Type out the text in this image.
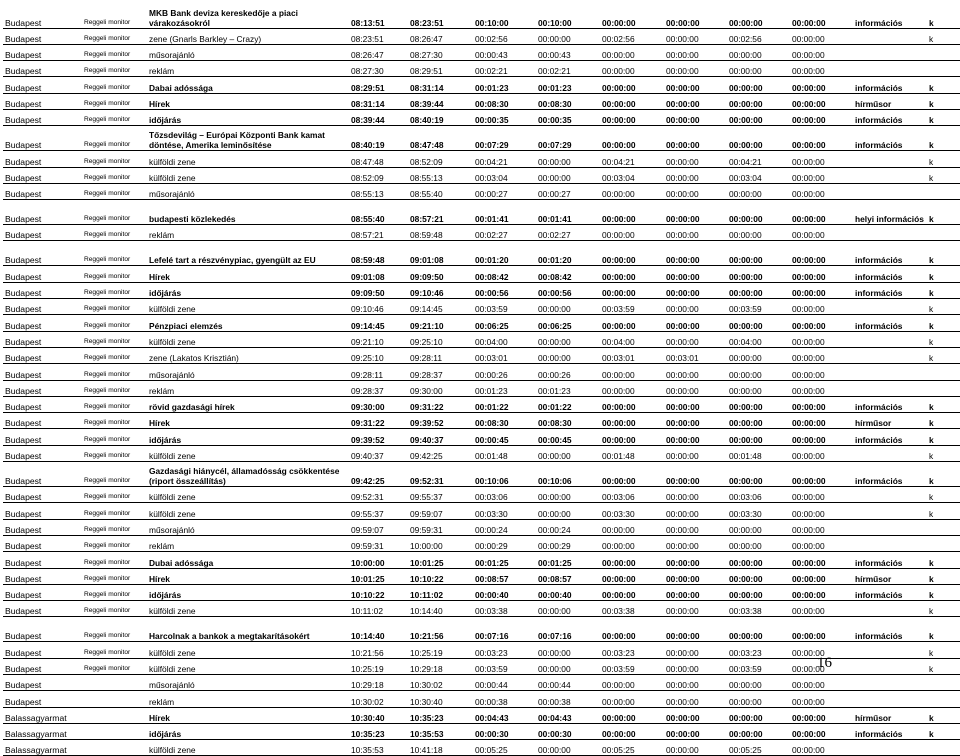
Budapest	Reggeli monitor	MKB Bank deviza kereskedője a piaci várakozásokról	08:13:51	08:23:51	00:10:00	00:10:00	00:00:00	00:00:00	00:00:00	00:00:00	információs	k
Budapest	Reggeli monitor	zene (Gnarls Barkley – Crazy)	08:23:51	08:26:47	00:02:56	00:00:00	00:02:56	00:00:00	00:02:56	00:00:00		k
Budapest	Reggeli monitor	műsorajánló	08:26:47	08:27:30	00:00:43	00:00:43	00:00:00	00:00:00	00:00:00	00:00:00		
Budapest	Reggeli monitor	reklám	08:27:30	08:29:51	00:02:21	00:02:21	00:00:00	00:00:00	00:00:00	00:00:00		
Budapest	Reggeli monitor	Dabai adóssága	08:29:51	08:31:14	00:01:23	00:01:23	00:00:00	00:00:00	00:00:00	00:00:00	információs	k
Budapest	Reggeli monitor	Hírek	08:31:14	08:39:44	00:08:30	00:08:30	00:00:00	00:00:00	00:00:00	00:00:00	hírműsor	k
Budapest	Reggeli monitor	időjárás	08:39:44	08:40:19	00:00:35	00:00:35	00:00:00	00:00:00	00:00:00	00:00:00	információs	k
Budapest	Reggeli monitor	Tőzsdevilág – Európai Központi Bank kamat döntése, Amerika leminősítése	08:40:19	08:47:48	00:07:29	00:07:29	00:00:00	00:00:00	00:00:00	00:00:00	információs	k
Budapest	Reggeli monitor	külföldi zene	08:47:48	08:52:09	00:04:21	00:00:00	00:04:21	00:00:00	00:04:21	00:00:00		k
Budapest	Reggeli monitor	külföldi zene	08:52:09	08:55:13	00:03:04	00:00:00	00:03:04	00:00:00	00:03:04	00:00:00		k
Budapest	Reggeli monitor	műsorajánló	08:55:13	08:55:40	00:00:27	00:00:27	00:00:00	00:00:00	00:00:00	00:00:00		
Budapest	Reggeli monitor	budapesti közlekedés	08:55:40	08:57:21	00:01:41	00:01:41	00:00:00	00:00:00	00:00:00	00:00:00	helyi információs	k
Budapest	Reggeli monitor	reklám	08:57:21	08:59:48	00:02:27	00:02:27	00:00:00	00:00:00	00:00:00	00:00:00		
Budapest	Reggeli monitor	Lefelé tart a részvénypiac, gyengült az EU	08:59:48	09:01:08	00:01:20	00:01:20	00:00:00	00:00:00	00:00:00	00:00:00	információs	k
Budapest	Reggeli monitor	Hírek	09:01:08	09:09:50	00:08:42	00:08:42	00:00:00	00:00:00	00:00:00	00:00:00	információs	k
Budapest	Reggeli monitor	időjárás	09:09:50	09:10:46	00:00:56	00:00:56	00:00:00	00:00:00	00:00:00	00:00:00	információs	k
Budapest	Reggeli monitor	külföldi zene	09:10:46	09:14:45	00:03:59	00:00:00	00:03:59	00:00:00	00:03:59	00:00:00		k
Budapest	Reggeli monitor	Pénzpiaci elemzés	09:14:45	09:21:10	00:06:25	00:06:25	00:00:00	00:00:00	00:00:00	00:00:00	információs	k
Budapest	Reggeli monitor	külföldi zene	09:21:10	09:25:10	00:04:00	00:00:00	00:04:00	00:00:00	00:04:00	00:00:00		k
Budapest	Reggeli monitor	zene (Lakatos Krisztián)	09:25:10	09:28:11	00:03:01	00:00:00	00:03:01	00:03:01	00:00:00	00:00:00		k
Budapest	Reggeli monitor	műsorajánló	09:28:11	09:28:37	00:00:26	00:00:26	00:00:00	00:00:00	00:00:00	00:00:00		
Budapest	Reggeli monitor	reklám	09:28:37	09:30:00	00:01:23	00:01:23	00:00:00	00:00:00	00:00:00	00:00:00		
Budapest	Reggeli monitor	rövid gazdasági hírek	09:30:00	09:31:22	00:01:22	00:01:22	00:00:00	00:00:00	00:00:00	00:00:00	információs	k
Budapest	Reggeli monitor	Hírek	09:31:22	09:39:52	00:08:30	00:08:30	00:00:00	00:00:00	00:00:00	00:00:00	hírműsor	k
Budapest	Reggeli monitor	időjárás	09:39:52	09:40:37	00:00:45	00:00:45	00:00:00	00:00:00	00:00:00	00:00:00	információs	k
Budapest	Reggeli monitor	külföldi zene	09:40:37	09:42:25	00:01:48	00:00:00	00:01:48	00:00:00	00:01:48	00:00:00		k
Budapest	Reggeli monitor	Gazdasági hiánycél, államadósság csökkentése (riport összeállítás)	09:42:25	09:52:31	00:10:06	00:10:06	00:00:00	00:00:00	00:00:00	00:00:00	információs	k
Budapest	Reggeli monitor	külföldi zene	09:52:31	09:55:37	00:03:06	00:00:00	00:03:06	00:00:00	00:03:06	00:00:00		k
Budapest	Reggeli monitor	külföldi zene	09:55:37	09:59:07	00:03:30	00:00:00	00:03:30	00:00:00	00:03:30	00:00:00		k
Budapest	Reggeli monitor	műsorajánló	09:59:07	09:59:31	00:00:24	00:00:24	00:00:00	00:00:00	00:00:00	00:00:00		
Budapest	Reggeli monitor	reklám	09:59:31	10:00:00	00:00:29	00:00:29	00:00:00	00:00:00	00:00:00	00:00:00		
Budapest	Reggeli monitor	Dubai adóssága	10:00:00	10:01:25	00:01:25	00:01:25	00:00:00	00:00:00	00:00:00	00:00:00	információs	k
Budapest	Reggeli monitor	Hírek	10:01:25	10:10:22	00:08:57	00:08:57	00:00:00	00:00:00	00:00:00	00:00:00	hírműsor	k
Budapest	Reggeli monitor	időjárás	10:10:22	10:11:02	00:00:40	00:00:40	00:00:00	00:00:00	00:00:00	00:00:00	információs	k
Budapest	Reggeli monitor	külföldi zene	10:11:02	10:14:40	00:03:38	00:00:00	00:03:38	00:00:00	00:03:38	00:00:00		k
Budapest	Reggeli monitor	Harcolnak a bankok a megtakarításokért	10:14:40	10:21:56	00:07:16	00:07:16	00:00:00	00:00:00	00:00:00	00:00:00	információs	k
Budapest	Reggeli monitor	külföldi zene	10:21:56	10:25:19	00:03:23	00:00:00	00:03:23	00:00:00	00:03:23	00:00:00		k
Budapest	Reggeli monitor	külföldi zene	10:25:19	10:29:18	00:03:59	00:00:00	00:03:59	00:00:00	00:03:59	00:00:00		k
Budapest		műsorajánló	10:29:18	10:30:02	00:00:44	00:00:44	00:00:00	00:00:00	00:00:00	00:00:00		
Budapest		reklám	10:30:02	10:30:40	00:00:38	00:00:38	00:00:00	00:00:00	00:00:00	00:00:00		
Balassagyarmat		Hírek	10:30:40	10:35:23	00:04:43	00:04:43	00:00:00	00:00:00	00:00:00	00:00:00	hírműsor	k
Balassagyarmat		időjárás	10:35:23	10:35:53	00:00:30	00:00:30	00:00:00	00:00:00	00:00:00	00:00:00	információs	k
Balassagyarmat		külföldi zene	10:35:53	10:41:18	00:05:25	00:00:00	00:05:25	00:00:00	00:05:25	00:00:00		
16
